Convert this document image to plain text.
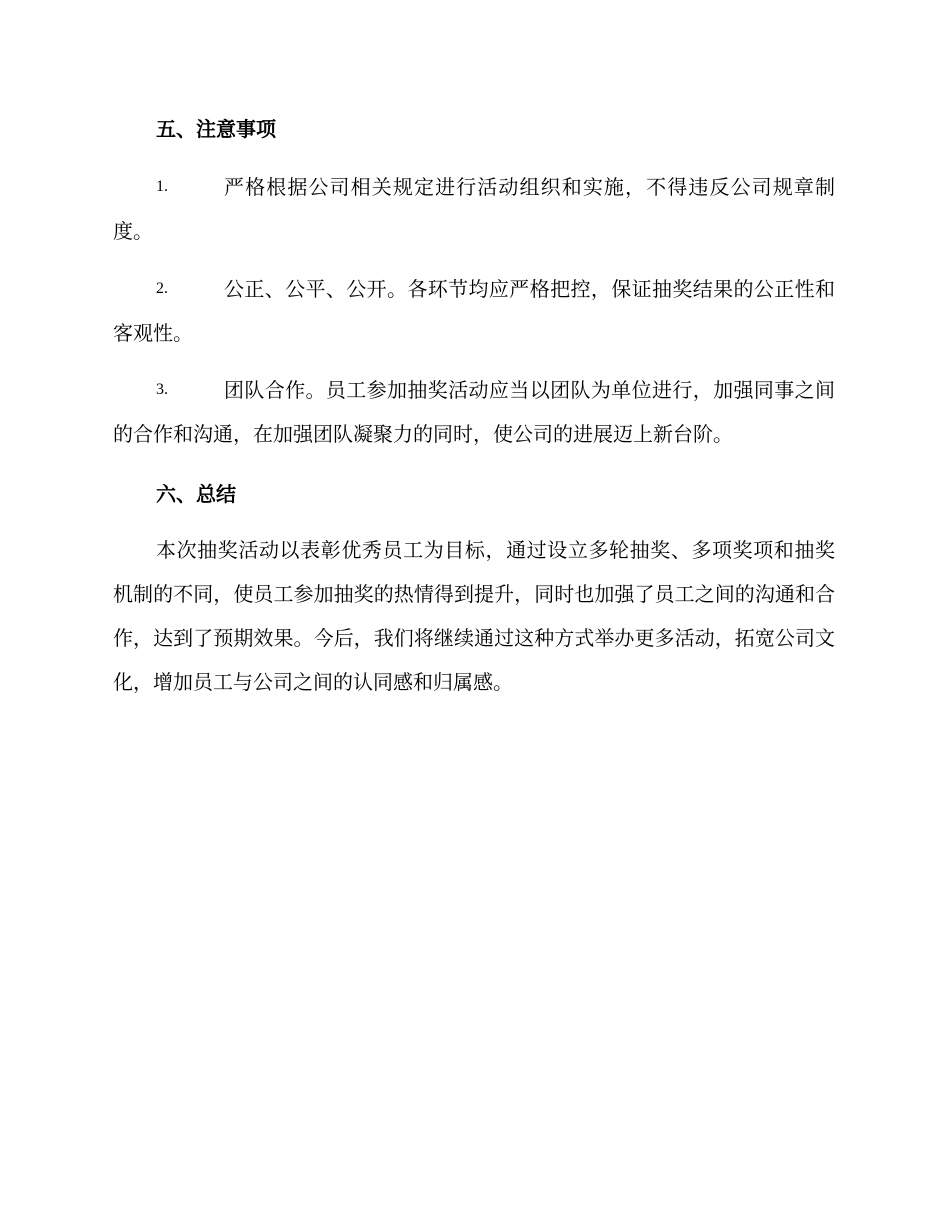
五、注意事项
1.	严格根据公司相关规定进行活动组织和实施，不得违反公司规章制度。
2.	公正、公平、公开。各环节均应严格把控，保证抽奖结果的公正性和客观性。
3.	团队合作。员工参加抽奖活动应当以团队为单位进行，加强同事之间的合作和沟通，在加强团队凝聚力的同时，使公司的进展迈上新台阶。
六、总结

本次抽奖活动以表彰优秀员工为目标，通过设立多轮抽奖、多项奖项和抽奖机制的不同，使员工参加抽奖的热情得到提升，同时也加强了员工之间的沟通和合作，达到了预期效果。今后，我们将继续通过这种方式举办更多活动，拓宽公司文化，增加员工与公司之间的认同感和归属感。
